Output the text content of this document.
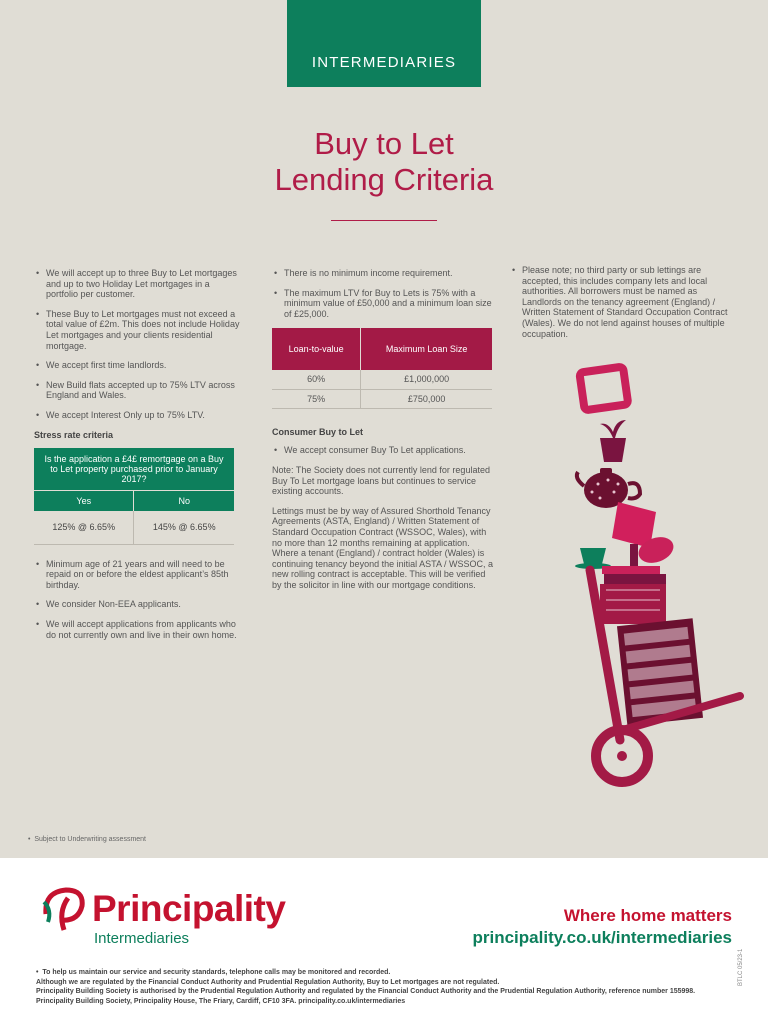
INTERMEDIARIES
Buy to Let
Lending Criteria
• We will accept up to three Buy to Let mortgages and up to two Holiday Let mortgages in a portfolio per customer.
• These Buy to Let mortgages must not exceed a total value of £2m. This does not include Holiday Let mortgages and your clients residential mortgage.
• We accept first time landlords.
• New Build flats accepted up to 75% LTV across England and Wales.
• We accept Interest Only up to 75% LTV.
Stress rate criteria
Is the application a £4£ remortgage on a Buy to Let property purchased prior to January 2017?	
Yes	No
125% @ 6.65%	145% @ 6.65%
• Minimum age of 21 years and will need to be repaid on or before the eldest applicant’s 85th birthday.
• We consider Non-EEA applicants.
• We will accept applications from applicants who do not currently own and live in their own home.
• There is no minimum income requirement.
• The maximum LTV for Buy to Lets is 75% with a minimum value of £50,000 and a minimum loan size of £25,000.
Loan-to-value	Maximum Loan Size
60%	£1,000,000
75%	£750,000
Consumer Buy to Let
• We accept consumer Buy To Let applications.

Note: The Society does not currently lend for regulated Buy To Let mortgage loans but continues to service existing accounts.

Lettings must be by way of Assured Shorthold Tenancy Agreements (ASTA, England) / Written Statement of Standard Occupation Contract (WSSOC, Wales), with no more than 12 months remaining at application. Where a tenant (England) / contract holder (Wales) is continuing tenancy beyond the initial ASTA / WSSOC, a new rolling contract is acceptable. This will be verified by the solicitor in line with our mortgage conditions.

• Please note; no third party or sub lettings are accepted, this includes company lets and local authorities. All borrowers must be named as Landlords on the tenancy agreement (England) / Written Statement of Standard Occupation Contract (Wales). We do not lend against houses of multiple occupation.
•  Subject to Underwriting assessment
Principality
Intermediaries
Where home matters
principality.co.uk/intermediaries
•  To help us maintain our service and security standards, telephone calls may be monitored and recorded.
Although we are regulated by the Financial Conduct Authority and Prudential Regulation Authority, Buy to Let mortgages are not regulated.
Principality Building Society is authorised by the Prudential Regulation Authority and regulated by the Financial Conduct Authority and the Prudential Regulation Authority, reference number 155998. Principality Building Society, Principality House, The Friary, Cardiff, CF10 3FA. principality.co.uk/intermediaries
BTLC 05/23-1
